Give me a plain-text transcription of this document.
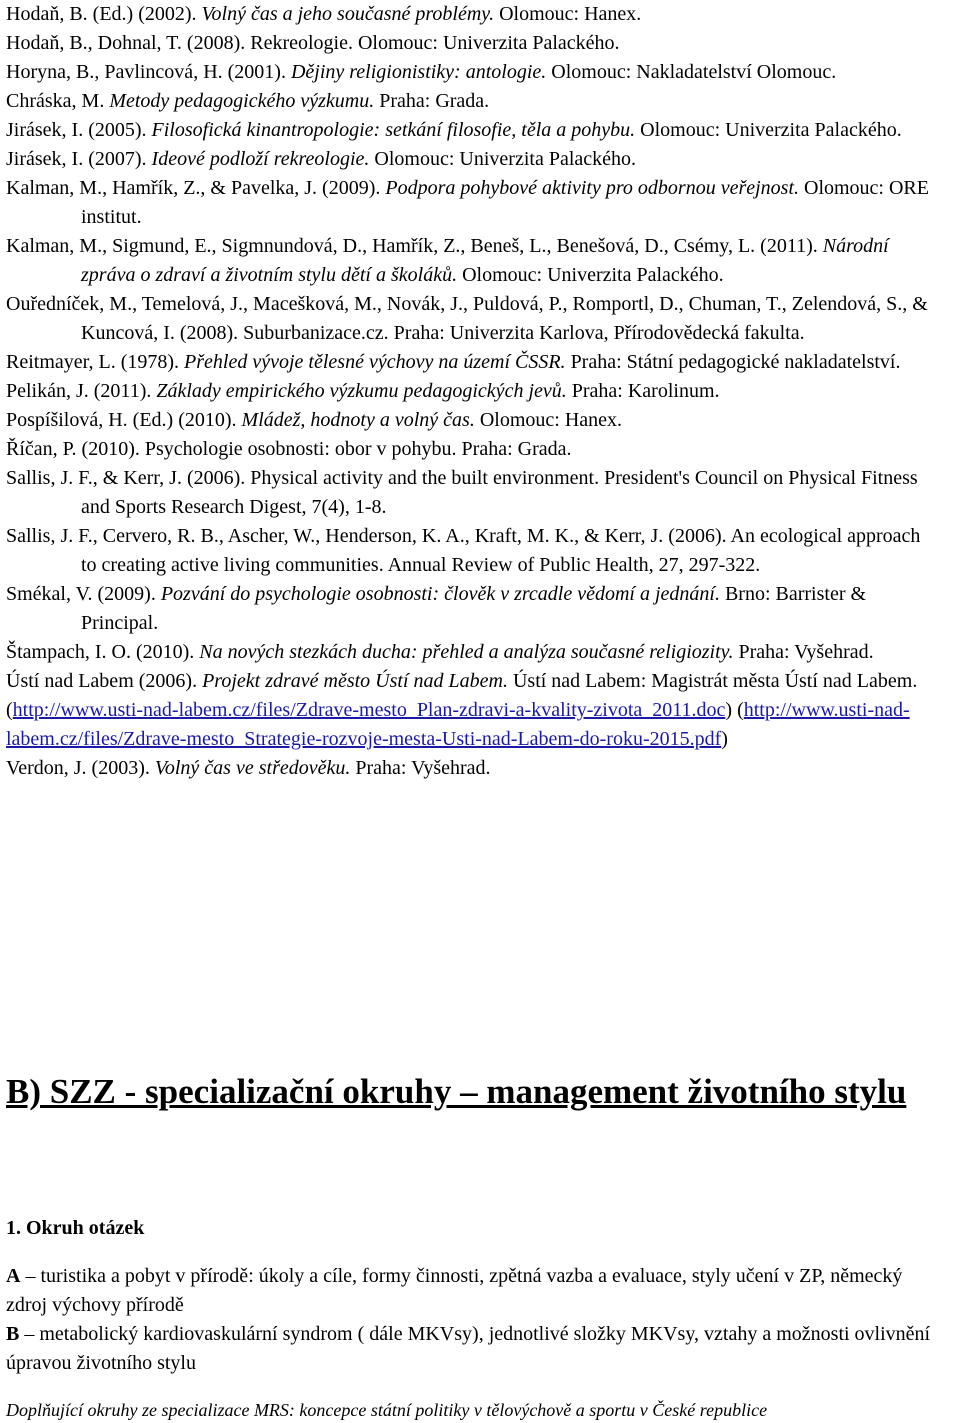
Hodaň, B. (Ed.) (2002). Volný čas a jeho současné problémy. Olomouc: Hanex.

Hodaň, B., Dohnal, T. (2008). Rekreologie. Olomouc: Univerzita Palackého.

Horyna, B., Pavlincová, H. (2001). Dějiny religionistiky: antologie. Olomouc: Nakladatelství Olomouc.

Chráska, M. Metody pedagogického výzkumu. Praha: Grada.

Jirásek, I. (2005). Filosofická kinantropologie: setkání filosofie, těla a pohybu. Olomouc: Univerzita Palackého.

Jirásek, I. (2007). Ideové podloží rekreologie. Olomouc: Univerzita Palackého.

Kalman, M., Hamřík, Z., & Pavelka, J. (2009). Podpora pohybové aktivity pro odbornou veřejnost. Olomouc: ORE institut.

Kalman, M., Sigmund, E., Sigmnundová, D., Hamřík, Z., Beneš, L., Benešová, D., Csémy, L. (2011). Národní zpráva o zdraví a životním stylu dětí a školáků. Olomouc: Univerzita Palackého.

Ouředníček, M., Temelová, J., Macešková, M., Novák, J., Puldová, P., Romportl, D., Chuman, T., Zelendová, S., & Kuncová, I. (2008). Suburbanizace.cz. Praha: Univerzita Karlova, Přírodovědecká fakulta.

Reitmayer, L. (1978). Přehled vývoje tělesné výchovy na území ČSSR. Praha: Státní pedagogické nakladatelství.

Pelikán, J. (2011). Základy empirického výzkumu pedagogických jevů. Praha: Karolinum.

Pospíšilová, H. (Ed.) (2010). Mládež, hodnoty a volný čas. Olomouc: Hanex.

Říčan, P. (2010). Psychologie osobnosti: obor v pohybu. Praha: Grada.

Sallis, J. F., & Kerr, J. (2006). Physical activity and the built environment. President's Council on Physical Fitness and Sports Research Digest, 7(4), 1-8.

Sallis, J. F., Cervero, R. B., Ascher, W., Henderson, K. A., Kraft, M. K., & Kerr, J. (2006). An ecological approach to creating active living communities. Annual Review of Public Health, 27, 297-322.

Smékal, V. (2009). Pozvání do psychologie osobnosti: člověk v zrcadle vědomí a jednání. Brno: Barrister & Principal.

Štampach, I. O. (2010). Na nových stezkách ducha: přehled a analýza současné religiozity. Praha: Vyšehrad.

Ústí nad Labem (2006). Projekt zdravé město Ústí nad Labem. Ústí nad Labem: Magistrát města Ústí nad Labem. (http://www.usti-nad-labem.cz/files/Zdrave-mesto_Plan-zdravi-a-kvality-zivota_2011.doc) (http://www.usti-nad-labem.cz/files/Zdrave-mesto_Strategie-rozvoje-mesta-Usti-nad-Labem-do-roku-2015.pdf)

Verdon, J. (2003). Volný čas ve středověku. Praha: Vyšehrad.

B) SZZ - specializační okruhy – management životního stylu

1. Okruh otázek

A – turistika a pobyt v přírodě: úkoly a cíle, formy činnosti, zpětná vazba a evaluace, styly učení v ZP, německý zdroj výchovy přírodě

B – metabolický kardiovaskulární syndrom ( dále MKVsy), jednotlivé složky MKVsy, vztahy a možnosti ovlivnění úpravou životního stylu

Doplňující okruhy ze specializace MRS: koncepce státní politiky v tělovýchově a sportu v České republice
